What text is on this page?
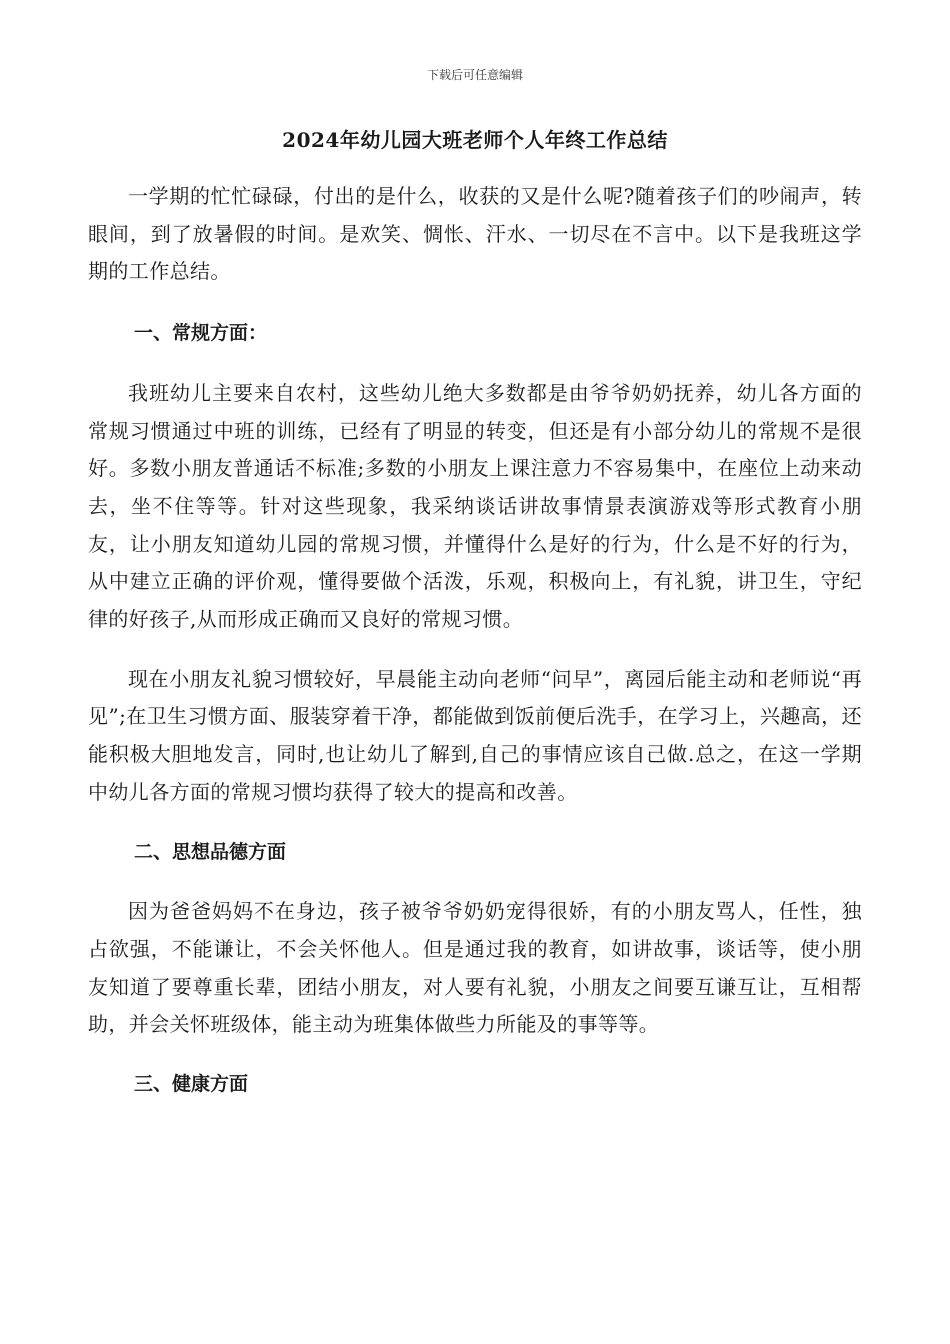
下载后可任意编辑
2024年幼儿园大班老师个人年终工作总结

一学期的忙忙碌碌，付出的是什么，收获的又是什么呢?随着孩子们的吵闹声，转眼间，到了放暑假的时间。是欢笑、惆怅、汗水、一切尽在不言中。以下是我班这学期的工作总结。

一、常规方面：

我班幼儿主要来自农村，这些幼儿绝大多数都是由爷爷奶奶抚养，幼儿各方面的常规习惯通过中班的训练，已经有了明显的转变，但还是有小部分幼儿的常规不是很好。多数小朋友普通话不标准;多数的小朋友上课注意力不容易集中，在座位上动来动去，坐不住等等。针对这些现象，我采纳谈话讲故事情景表演游戏等形式教育小朋友，让小朋友知道幼儿园的常规习惯，并懂得什么是好的行为，什么是不好的行为，从中建立正确的评价观，懂得要做个活泼，乐观，积极向上，有礼貌，讲卫生，守纪律的好孩子,从而形成正确而又良好的常规习惯。

现在小朋友礼貌习惯较好，早晨能主动向老师“问早”，离园后能主动和老师说“再见”;在卫生习惯方面、服装穿着干净，都能做到饭前便后洗手，在学习上，兴趣高，还能积极大胆地发言，同时,也让幼儿了解到,自己的事情应该自己做.总之，在这一学期中幼儿各方面的常规习惯均获得了较大的提高和改善。

二、思想品德方面

因为爸爸妈妈不在身边，孩子被爷爷奶奶宠得很娇，有的小朋友骂人，任性，独占欲强，不能谦让，不会关怀他人。但是通过我的教育，如讲故事，谈话等，使小朋友知道了要尊重长辈，团结小朋友，对人要有礼貌，小朋友之间要互谦互让，互相帮助，并会关怀班级体，能主动为班集体做些力所能及的事等等。

三、健康方面
